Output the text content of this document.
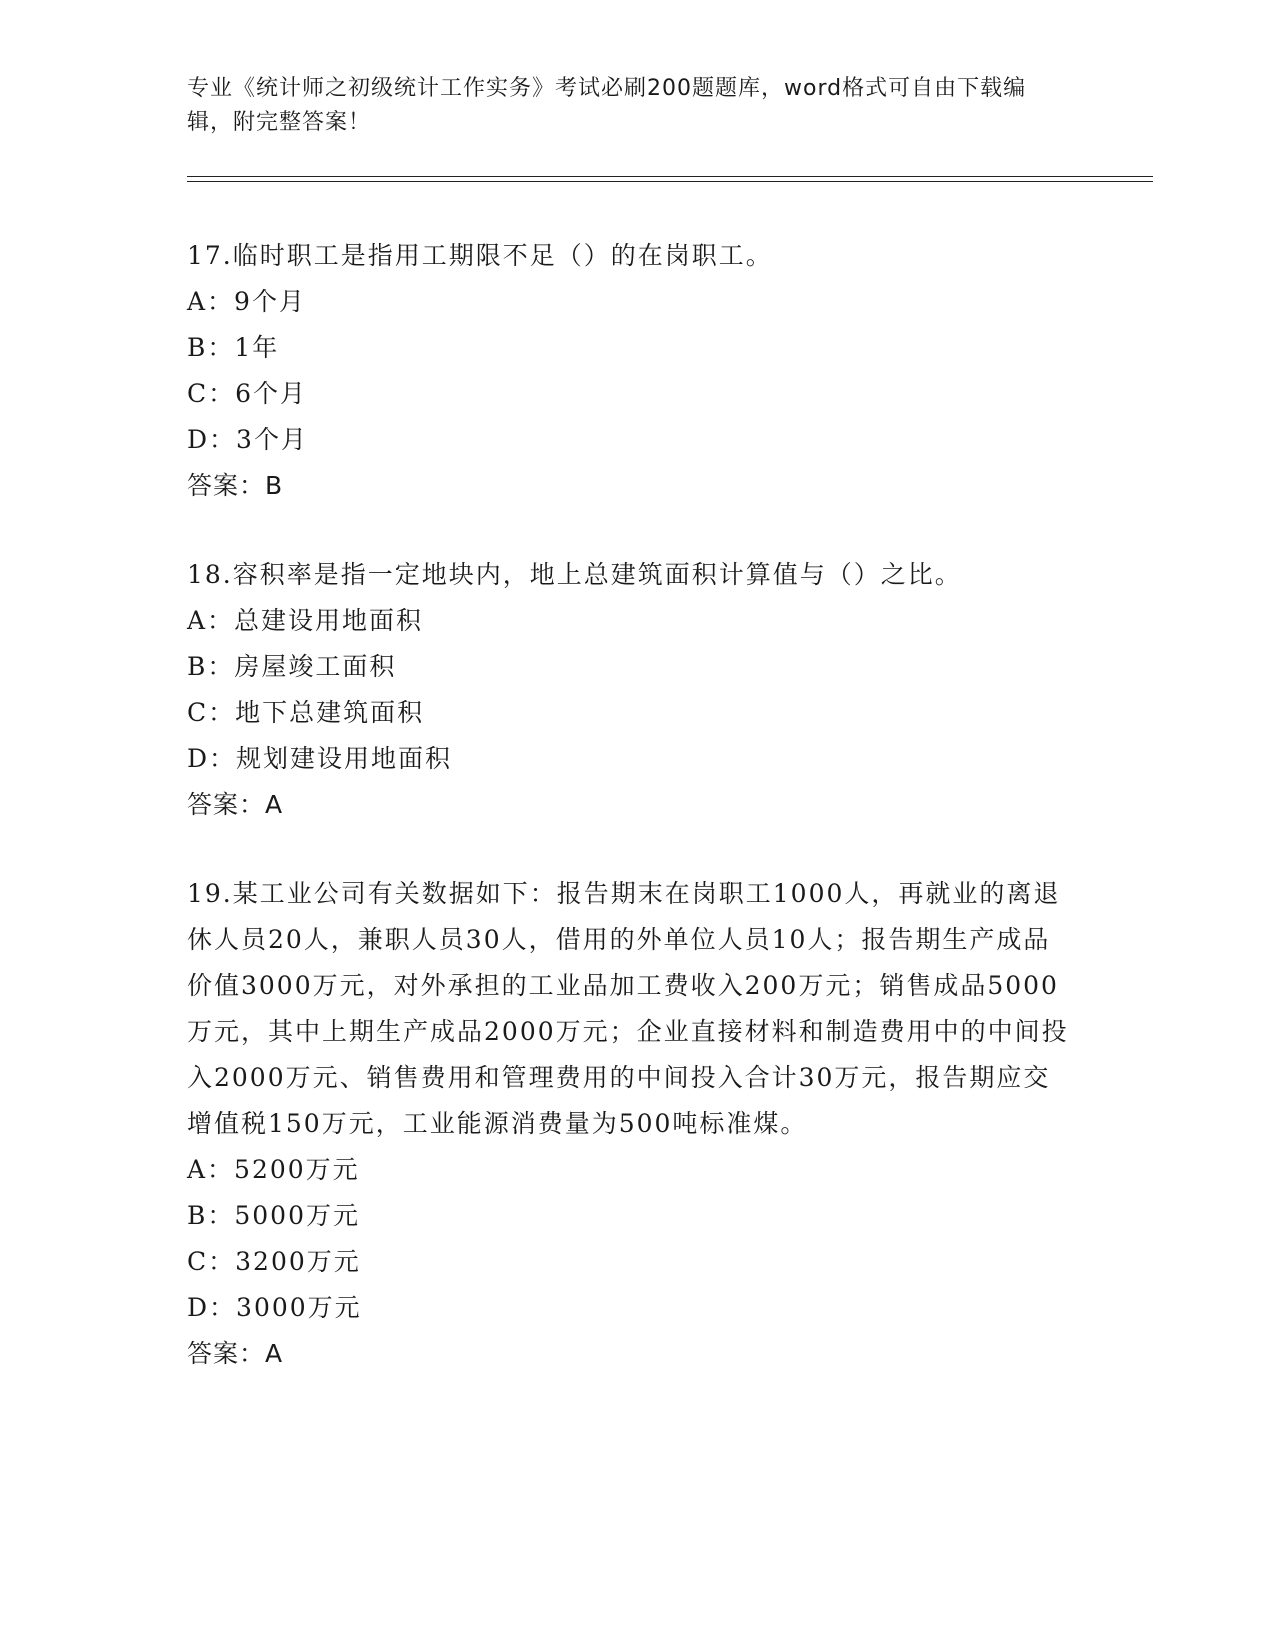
专业《统计师之初级统计工作实务》考试必刷200题题库，word格式可自由下载编辑，附完整答案！

17.临时职工是指用工期限不足（）的在岗职工。

A：9个月

B：1年

C：6个月

D：3个月

答案：B

18.容积率是指一定地块内，地上总建筑面积计算值与（）之比。

A：总建设用地面积

B：房屋竣工面积

C：地下总建筑面积

D：规划建设用地面积

答案：A

19.某工业公司有关数据如下：报告期末在岗职工1000人，再就业的离退休人员20人，兼职人员30人，借用的外单位人员10人；报告期生产成品价值3000万元，对外承担的工业品加工费收入200万元；销售成品5000万元，其中上期生产成品2000万元；企业直接材料和制造费用中的中间投入2000万元、销售费用和管理费用的中间投入合计30万元，报告期应交增值税150万元，工业能源消费量为500吨标准煤。

A：5200万元

B：5000万元

C：3200万元

D：3000万元

答案：A
